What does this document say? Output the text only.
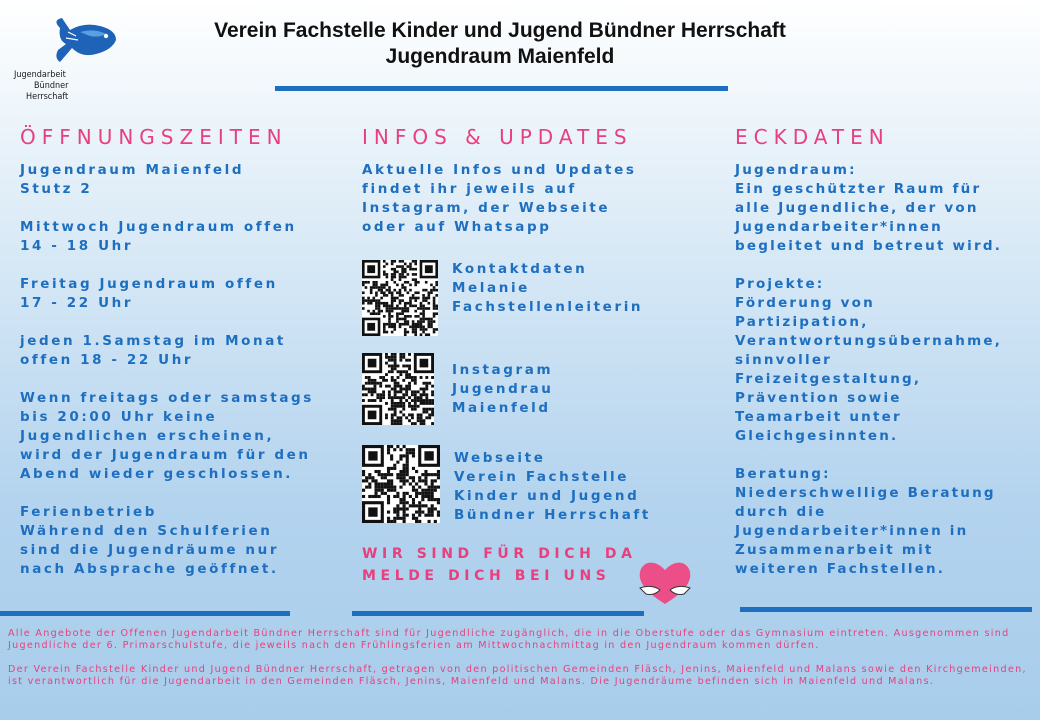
Jugendarbeit
Bündner
Herrschaft
Verein Fachstelle Kinder und Jugend Bündner Herrschaft
Jugendraum Maienfeld
ÖFFNUNGSZEITEN
Jugendraum Maienfeld
Stutz 2
Mittwoch Jugendraum offen
14 - 18 Uhr
Freitag Jugendraum offen
17 - 22 Uhr
jeden 1.Samstag im Monat
offen 18 - 22 Uhr
Wenn freitags oder samstags
bis 20:00 Uhr keine
Jugendlichen erscheinen,
wird der Jugendraum für den
Abend wieder geschlossen.
Ferienbetrieb
Während den Schulferien
sind die Jugendräume nur
nach Absprache geöffnet.
INFOS & UPDATES
Aktuelle Infos und Updates
findet ihr jeweils auf
Instagram, der Webseite
oder auf Whatsapp
Kontaktdaten
Melanie
Fachstellenleiterin
Instagram
Jugendrau
Maienfeld
Webseite
Verein Fachstelle
Kinder und Jugend
Bündner Herrschaft
WIR SIND FÜR DICH DA
MELDE DICH BEI UNS
ECKDATEN
Jugendraum:
Ein geschützter Raum für
alle Jugendliche, der von
Jugendarbeiter*innen
begleitet und betreut wird.
Projekte:
Förderung von
Partizipation,
Verantwortungsübernahme,
sinnvoller
Freizeitgestaltung,
Prävention sowie
Teamarbeit unter
Gleichgesinnten.
Beratung:
Niederschwellige Beratung
durch die
Jugendarbeiter*innen in
Zusammenarbeit mit
weiteren Fachstellen.

Alle Angebote der Offenen Jugendarbeit Bündner Herrschaft sind für Jugendliche zugänglich, die in die Oberstufe oder das Gymnasium eintreten. Ausgenommen sind Jugendliche der 6. Primarschulstufe, die jeweils nach den Frühlingsferien am Mittwochnachmittag in den Jugendraum kommen dürfen.

Der Verein Fachstelle Kinder und Jugend Bündner Herrschaft, getragen von den politischen Gemeinden Fläsch, Jenins, Maienfeld und Malans sowie den Kirchgemeinden, ist verantwortlich für die Jugendarbeit in den Gemeinden Fläsch, Jenins, Maienfeld und Malans. Die Jugendräume befinden sich in Maienfeld und Malans.
